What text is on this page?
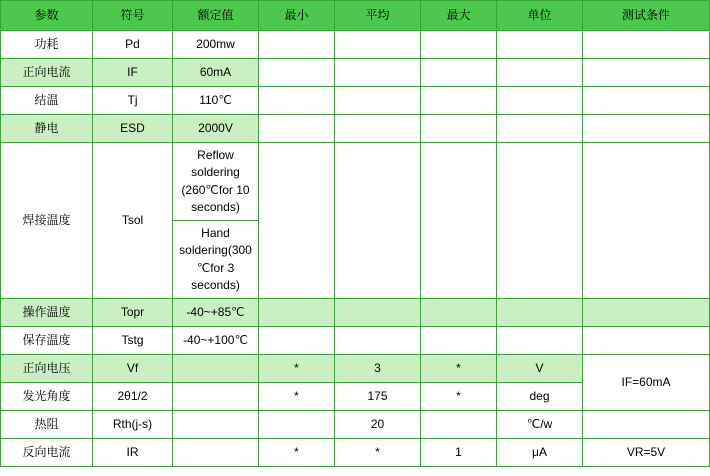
参数	符号	额定值	最小	平均	最大	单位	测试条件
功耗	Pd	200mw					
正向电流	IF	60mA					
结温	Tj	110℃					
静电	ESD	2000V					
焊接温度	Tsol	Reflow soldering (260℃for 10 seconds)					
		Hand soldering(300℃for 3 seconds)					
操作温度	Topr	-40~+85℃					
保存温度	Tstg	-40~+100℃					
正向电压	Vf		*	3	*	V	IF=60mA
发光角度	2θ1/2		*	175	*	deg	
热阻	Rth(j-s)			20		℃/w	
反向电流	IR		*	*	1	μA	VR=5V
